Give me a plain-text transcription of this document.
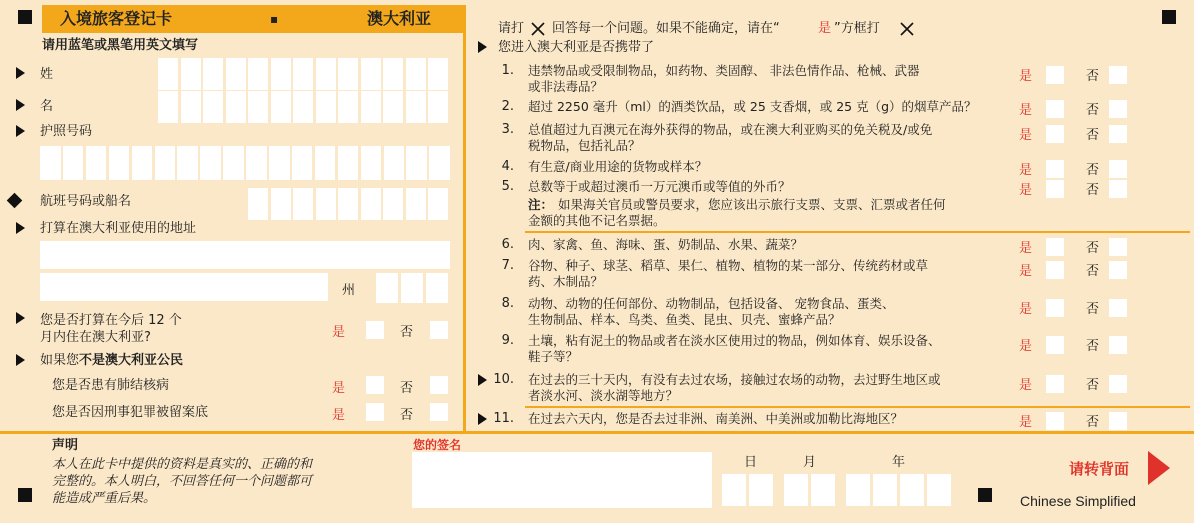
入境旅客登记卡	▪	澳大利亚
请用蓝笔或黑笔用英文填写
姓
名
护照号码
航班号码或船名
打算在澳大利亚使用的地址
州
您是否打算在今后 12 个
月内住在澳大利亚?	是	否
如果您不是澳大利亚公民
您是否患有肺结核病	是	否
您是否因刑事犯罪被留案底	是	否
请打 回答每一个问题。如果不能确定，请在“	是 ”方框打
您进入澳大利亚是否携带了
1. 违禁物品或受限制物品，如药物、类固醇、 非法色情作品、枪械、武器
或非法毒品？
是	否
2. 超过 2250 毫升（ml）的酒类饮品，或 25 支香烟，或 25 克（g）的烟草产品？	是	否
3. 总值超过九百澳元在海外获得的物品，或在澳大利亚购买的免关税及/或免
税物品，包括礼品？
是	否
4. 有生意/商业用途的货物或样本？	是	否
5. 总数等于或超过澳币一万元澳币或等值的外币？	是	否
6. 肉、家禽、鱼、海味、蛋、奶制品、水果、蔬菜？	是	否
7. 谷物、种子、球茎、稻草、果仁、植物、植物的某一部分、传统药材或草
药、木制品？
是	否
8. 动物、动物的任何部份、动物制品，包括设备、 宠物食品、蛋类、
生物制品、样本、鸟类、鱼类、昆虫、贝壳、蜜蜂产品？
是	否
9. 土壤，粘有泥土的物品或者在淡水区使用过的物品，例如体育、娱乐设备、
鞋子等？
是	否
10. 在过去的三十天内，有没有去过农场，接触过农场的动物，去过野生地区或
者淡水河、淡水湖等地方？
是	否
11. 在过去六天内，您是否去过非洲、南美洲、中美洲或加勒比海地区？	是	否
注： 如果海关官员或警员要求，您应该出示旅行支票、支票、汇票或者任何
金额的其他不记名票据。
声明
本人在此卡中提供的资料是真实的、正确的和
完整的。本人明白，不回答任何一个问题都可
能造成严重后果。
您的签名
日	月	年	请转背面
Chinese Simplified
